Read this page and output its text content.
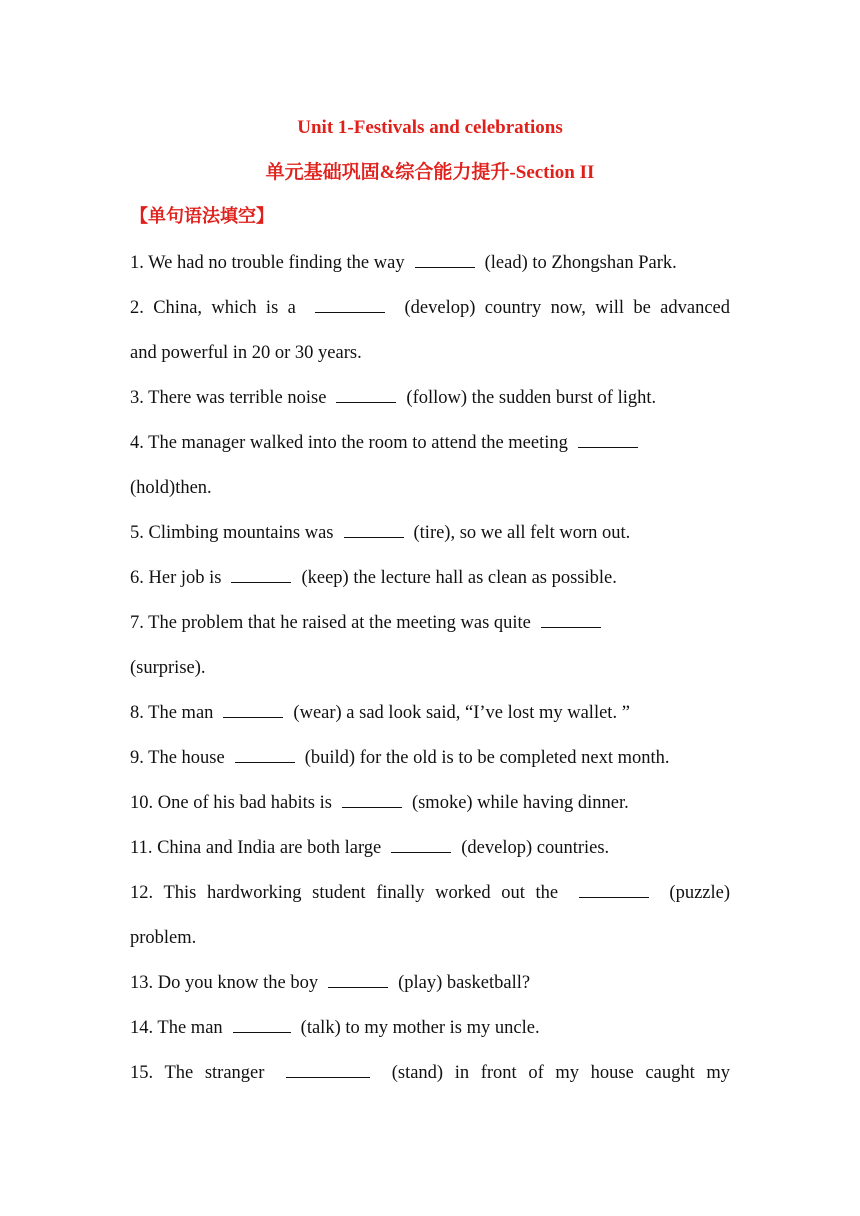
Unit 1-Festivals and celebrations
单元基础巩固&综合能力提升-Section II
【单句语法填空】
1. We had no trouble finding the way	(lead) to Zhongshan Park.
2. China, which is a	(develop) country now, will be advanced
and powerful in 20 or 30 years.
3. There was terrible noise	(follow) the sudden burst of light.
4. The manager walked into the room to attend the meeting
(hold)then.
5. Climbing mountains was	(tire), so we all felt worn out.
6. Her job is	(keep) the lecture hall as clean as possible.
7. The problem that he raised at the meeting was quite
(surprise).
8. The man	(wear) a sad look said, “I’ve lost my wallet. ”
9. The house	(build) for the old is to be completed next month.
10. One of his bad habits is	(smoke) while having dinner.
11. China and India are both large	(develop) countries.
12. This hardworking student finally worked out the	(puzzle)
problem.
13. Do you know the boy	(play) basketball?
14. The man	(talk) to my mother is my uncle.
15. The stranger	(stand) in front of my house caught my
